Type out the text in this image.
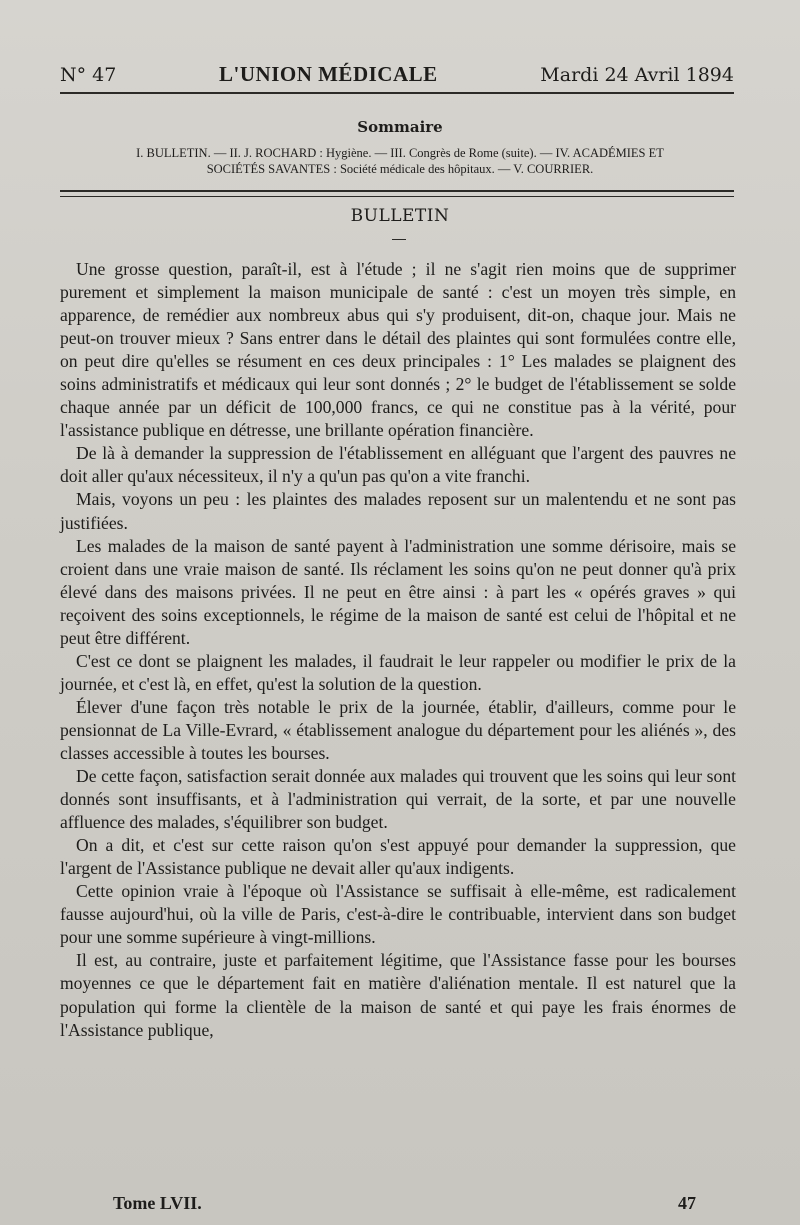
N° 47	L'UNION MÉDICALE	Mardi 24 Avril 1894
Sommaire
I. BULLETIN. — II. J. ROCHARD : Hygiène. — III. Congrès de Rome (suite). — IV. ACADÉMIES ET
SOCIÉTÉS SAVANTES : Société médicale des hôpitaux. — V. COURRIER.
BULLETIN

Une grosse question, paraît-il, est à l'étude ; il ne s'agit rien moins que de supprimer purement et simplement la maison municipale de santé : c'est un moyen très simple, en apparence, de remédier aux nombreux abus qui s'y produisent, dit-on, chaque jour. Mais ne peut-on trouver mieux ? Sans entrer dans le détail des plaintes qui sont formulées contre elle, on peut dire qu'elles se résument en ces deux principales : 1° Les malades se plaignent des soins administratifs et médicaux qui leur sont donnés ; 2° le budget de l'établissement se solde chaque année par un déficit de 100,000 francs, ce qui ne constitue pas à la vérité, pour l'assistance publique en détresse, une brillante opération financière.

De là à demander la suppression de l'établissement en alléguant que l'argent des pauvres ne doit aller qu'aux nécessiteux, il n'y a qu'un pas qu'on a vite franchi.

Mais, voyons un peu : les plaintes des malades reposent sur un malentendu et ne sont pas justifiées.

Les malades de la maison de santé payent à l'administration une somme dérisoire, mais se croient dans une vraie maison de santé. Ils réclament les soins qu'on ne peut donner qu'à prix élevé dans des maisons privées. Il ne peut en être ainsi : à part les « opérés graves » qui reçoivent des soins exceptionnels, le régime de la maison de santé est celui de l'hôpital et ne peut être différent.

C'est ce dont se plaignent les malades, il faudrait le leur rappeler ou modifier le prix de la journée, et c'est là, en effet, qu'est la solution de la question.

Élever d'une façon très notable le prix de la journée, établir, d'ailleurs, comme pour le pensionnat de La Ville-Evrard, « établissement analogue du département pour les aliénés », des classes accessible à toutes les bourses.

De cette façon, satisfaction serait donnée aux malades qui trouvent que les soins qui leur sont donnés sont insuffisants, et à l'administration qui verrait, de la sorte, et par une nouvelle affluence des malades, s'équilibrer son budget.

On a dit, et c'est sur cette raison qu'on s'est appuyé pour demander la suppression, que l'argent de l'Assistance publique ne devait aller qu'aux indigents.

Cette opinion vraie à l'époque où l'Assistance se suffisait à elle-même, est radicalement fausse aujourd'hui, où la ville de Paris, c'est-à-dire le contribuable, intervient dans son budget pour une somme supérieure à vingt-millions.

Il est, au contraire, juste et parfaitement légitime, que l'Assistance fasse pour les bourses moyennes ce que le département fait en matière d'aliénation mentale. Il est naturel que la population qui forme la clientèle de la maison de santé et qui paye les frais énormes de l'Assistance publique,

Tome LVII.	47
